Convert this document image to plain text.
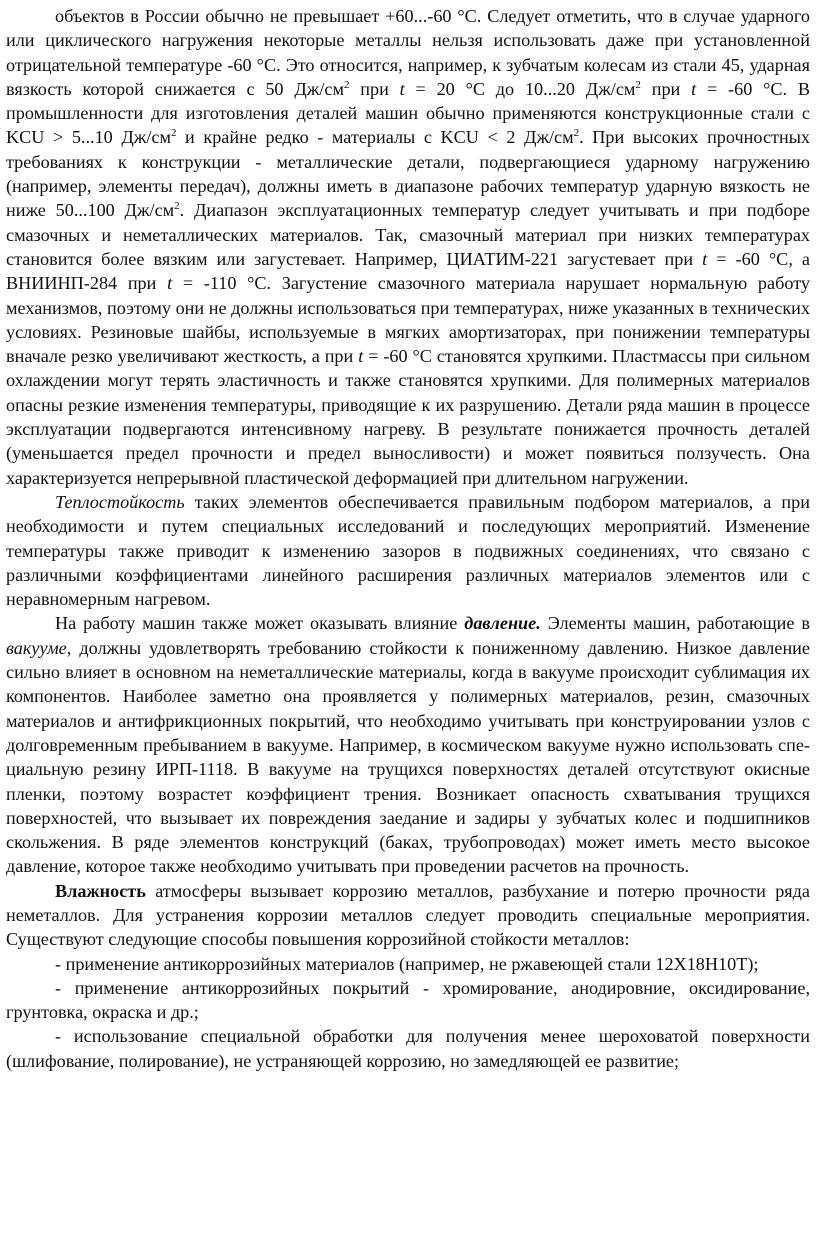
объектов в России обычно не превышает +60...-60 °С. Следует отметить, что в случае ударного или циклического нагружения некоторые металлы нельзя использовать даже при установленной отрицательной температуре -60 °С. Это относится, например, к зубчатым колесам из стали 45, ударная вязкость которой снижается с 50 $Дж/см^2$ при t = 20 °С до 10...20 $Дж/см^2$ при t = -60 °С. В промышленности для изготовления деталей машин обычно применяются конструкционные стали с KCU > 5...10 $Дж/см^2$ и крайне редко - материалы с KCU < 2 $Дж/см^2$. При высоких прочностных требованиях к конструкции - металлические детали, подвергающиеся ударному нагружению (например, элементы передач), должны иметь в диапазоне рабочих температур ударную вязкость не ниже 50...100 $Дж/см^2$. Диапазон эксплуатационных температур следует учитывать и при подборе смазочных и неметаллических материалов. Так, смазочный материал при низких температурах становится более вязким или загустевает. Например, ЦИАТИМ-221 загустевает при t = -60 °С, а ВНИИНП-284 при t = -110 °С. Загустение смазочного материала нарушает нормальную работу механизмов, поэтому они не должны использоваться при температурах, ниже указанных в технических условиях. Резиновые шайбы, используемые в мягких амортизаторах, при понижении температуры вначале резко увеличивают жесткость, а при t = -60 °С становятся хрупкими. Пластмассы при сильном охлаждении могут терять эластичность и также становятся хрупкими. Для полимерных материалов опасны резкие изменения температуры, приводящие к их разрушению. Детали ряда машин в процессе эксплуатации подвергаются интенсивному нагреву. В результате понижается прочность деталей (уменьшается предел прочности и предел выносливости) и может появиться ползучесть. Она характеризуется непрерывной пластической деформацией при длительном нагружении.

Теплостойкость таких элементов обеспечивается правильным подбором материалов, а при необходимости и путем специальных исследований и последующих мероприятий. Изменение температуры также приводит к изменению зазоров в подвижных соединениях, что связано с различными коэффициентами линейного расширения различных материалов элементов или с неравномерным нагревом.

На работу машин также может оказывать влияние давление. Элементы машин, работающие в вакууме, должны удовлетворять требованию стойкости к пониженному давлению. Низкое давление сильно влияет в основном на неметаллические материалы, когда в вакууме происходит сублимация их компонентов. Наиболее заметно она проявляется у полимерных материалов, резин, смазочных материалов и антифрикционных покрытий, что необходимо учитывать при конструировании узлов с долговременным пребыванием в вакууме. Например, в космическом вакууме нужно использовать спе-циальную резину ИРП-1118. В вакууме на трущихся поверхностях деталей отсутствуют окисные пленки, поэтому возрастет коэффициент трения. Возникает опасность схватывания трущихся поверхностей, что вызывает их повреждения заедание и задиры у зубчатых колес и подшипников скольжения. В ряде элементов конструкций (баках, трубопроводах) может иметь место высокое давление, которое также необходимо учитывать при проведении расчетов на прочность.

Влажность атмосферы вызывает коррозию металлов, разбухание и потерю прочности ряда неметаллов. Для устранения коррозии металлов следует проводить специальные мероприятия. Существуют следующие способы повышения коррозийной стойкости металлов:

- применение антикоррозийных материалов (например, не ржавеющей стали 12Х18Н10Т);

- применение антикоррозийных покрытий - хромирование, анодировние, оксидирование, грунтовка, окраска и др.;

- использование специальной обработки для получения менее шероховатой поверхности (шлифование, полирование), не устраняющей коррозию, но замедляющей ее развитие;
